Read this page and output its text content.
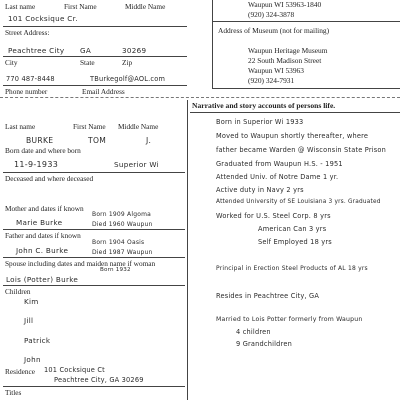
101 Cocksique Cr.
Last name	First Name	Middle Name
Street Address:
Peachtree City GA	30269
City	State	Zip
770 487-8448	TBurkegolf@AOL.com
Phone number	Email Address
Waupun WI 53963-1840
(920) 324-3878
Address of Museum (not for mailing)
Waupun Heritage Museum
22 South Madison Street
Waupun WI 53963
(920) 324-7931
BURKE	TOM	J.
Last name	First Name Middle Name
Born date and where born
11-9-1933	Superior Wi
Deceased and where deceased
Mother and dates if known
Born 1909 Algoma
Marie Burke	Died 1960 Waupun
Father and dates if known
Born 1904 Oasis
John C. Burke	Died 1987 Waupun
Spouse including dates and maiden name if woman
Born 1932
Lois (Potter) Burke
Children
Kim
Jill
Patrick
John
Residence 101 Cocksique Ct
Peachtree City, GA 30269
Titles
Narrative and story accounts of persons life.
Born in Superior Wi 1933
Moved to Waupun shortly thereafter, where
father became Warden @ Wisconsin State Prison
Graduated from Waupun H.S. - 1951
Attended Univ. of Notre Dame 1 yr.
Active duty in Navy 2 yrs
Attended University of SE Louisiana 3 yrs. Graduated
Worked for U.S. Steel Corp. 8 yrs
American Can 3 yrs
Self Employed 18 yrs
Principal in Erection Steel Products of AL 18 yrs
Resides in Peachtree City, GA
Married to Lois Potter formerly from Waupun
4 children
9 Grandchildren
